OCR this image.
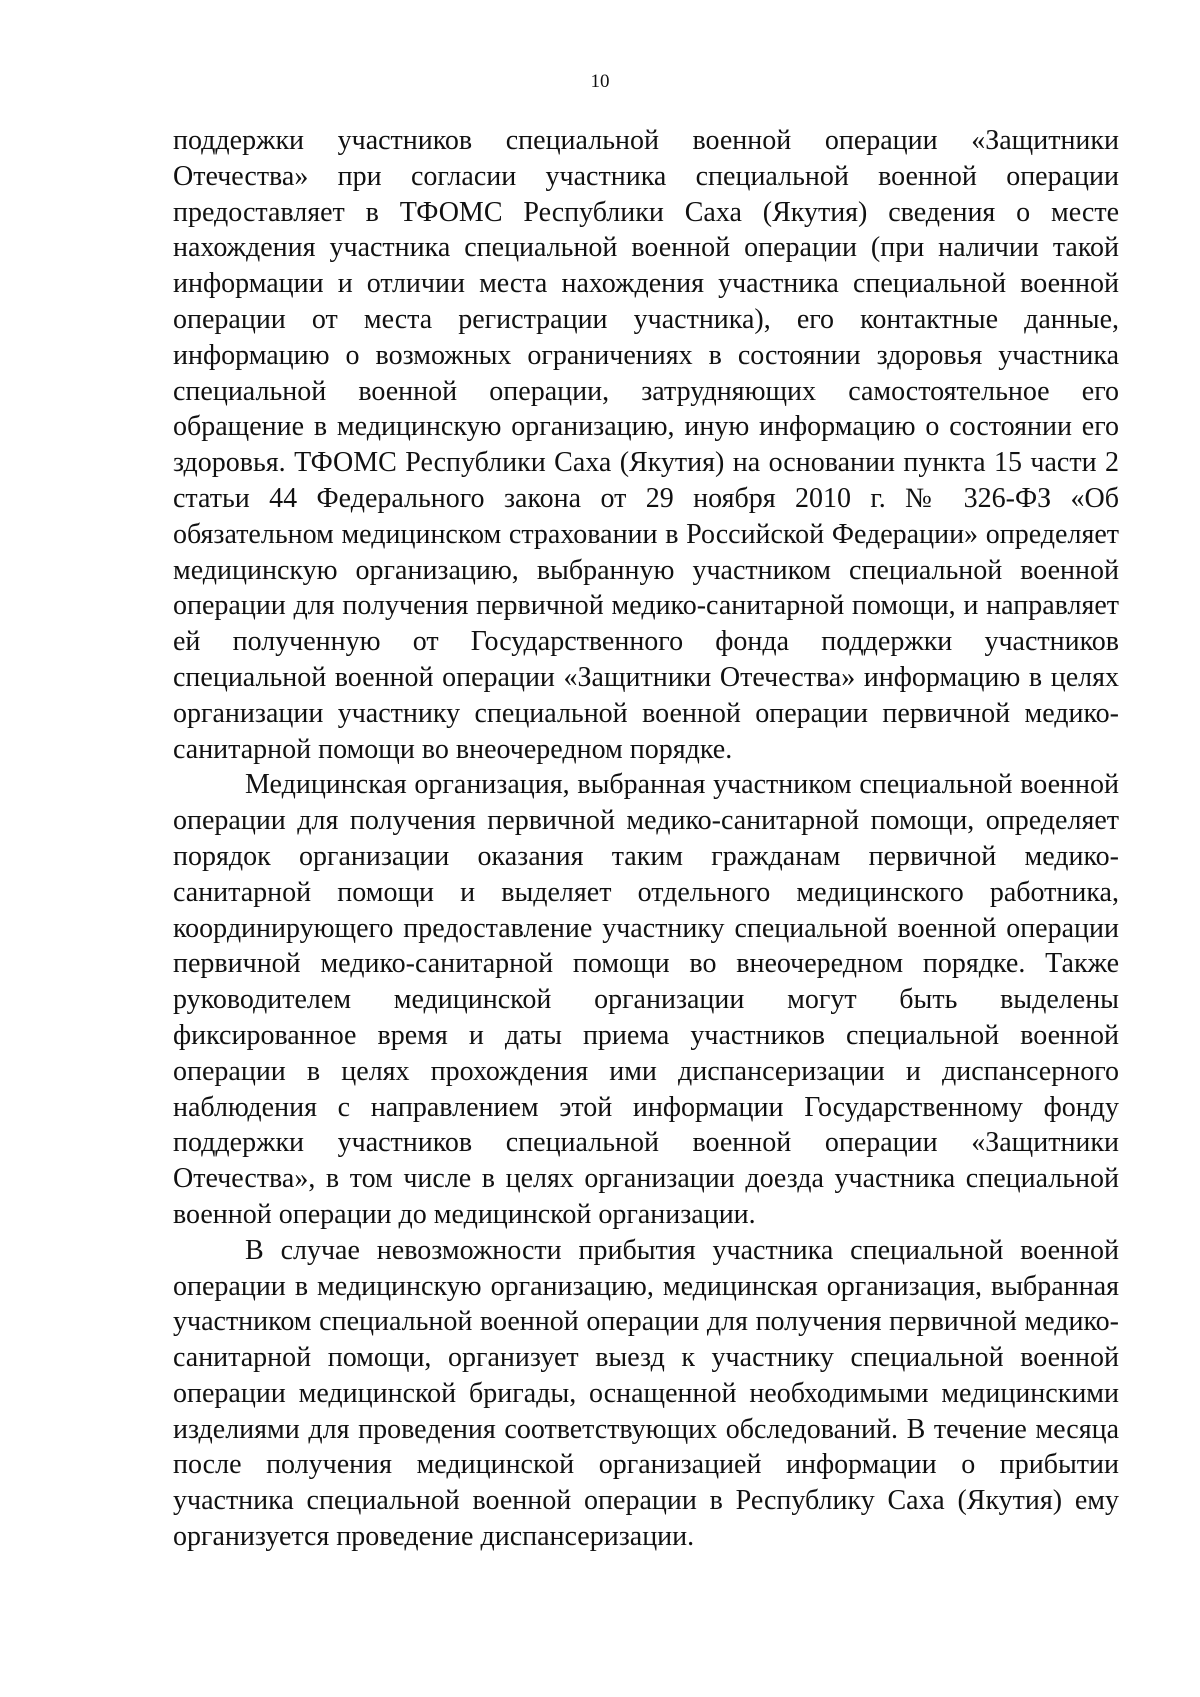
10

поддержки участников специальной военной операции «Защитники Отечества» при согласии участника специальной военной операции предоставляет в ТФОМС Республики Саха (Якутия) сведения о месте нахождения участника специальной военной операции (при наличии такой информации и отличии места нахождения участника специальной военной операции от места регистрации участника), его контактные данные, информацию о возможных ограничениях в состоянии здоровья участника специальной военной операции, затрудняющих самостоятельное его обращение в медицинскую организацию, иную информацию о состоянии его здоровья. ТФОМС Республики Саха (Якутия) на основании пункта 15 части 2 статьи 44 Федерального закона от 29 ноября 2010 г. № 326-ФЗ «Об обязательном медицинском страховании в Российской Федерации» определяет медицинскую организацию, выбранную участником специальной военной операции для получения первичной медико-санитарной помощи, и направляет ей полученную от Государственного фонда поддержки участников специальной военной операции «Защитники Отечества» информацию в целях организации участнику специальной военной операции первичной медико-санитарной помощи во внеочередном порядке.

Медицинская организация, выбранная участником специальной военной операции для получения первичной медико-санитарной помощи, определяет порядок организации оказания таким гражданам первичной медико-санитарной помощи и выделяет отдельного медицинского работника, координирующего предоставление участнику специальной военной операции первичной медико-санитарной помощи во внеочередном порядке. Также руководителем медицинской организации могут быть выделены фиксированное время и даты приема участников специальной военной операции в целях прохождения ими диспансеризации и диспансерного наблюдения с направлением этой информации Государственному фонду поддержки участников специальной военной операции «Защитники Отечества», в том числе в целях организации доезда участника специальной военной операции до медицинской организации.

В случае невозможности прибытия участника специальной военной операции в медицинскую организацию, медицинская организация, выбранная участником специальной военной операции для получения первичной медико-санитарной помощи, организует выезд к участнику специальной военной операции медицинской бригады, оснащенной необходимыми медицинскими изделиями для проведения соответствующих обследований. В течение месяца после получения медицинской организацией информации о прибытии участника специальной военной операции в Республику Саха (Якутия) ему организуется проведение диспансеризации.
